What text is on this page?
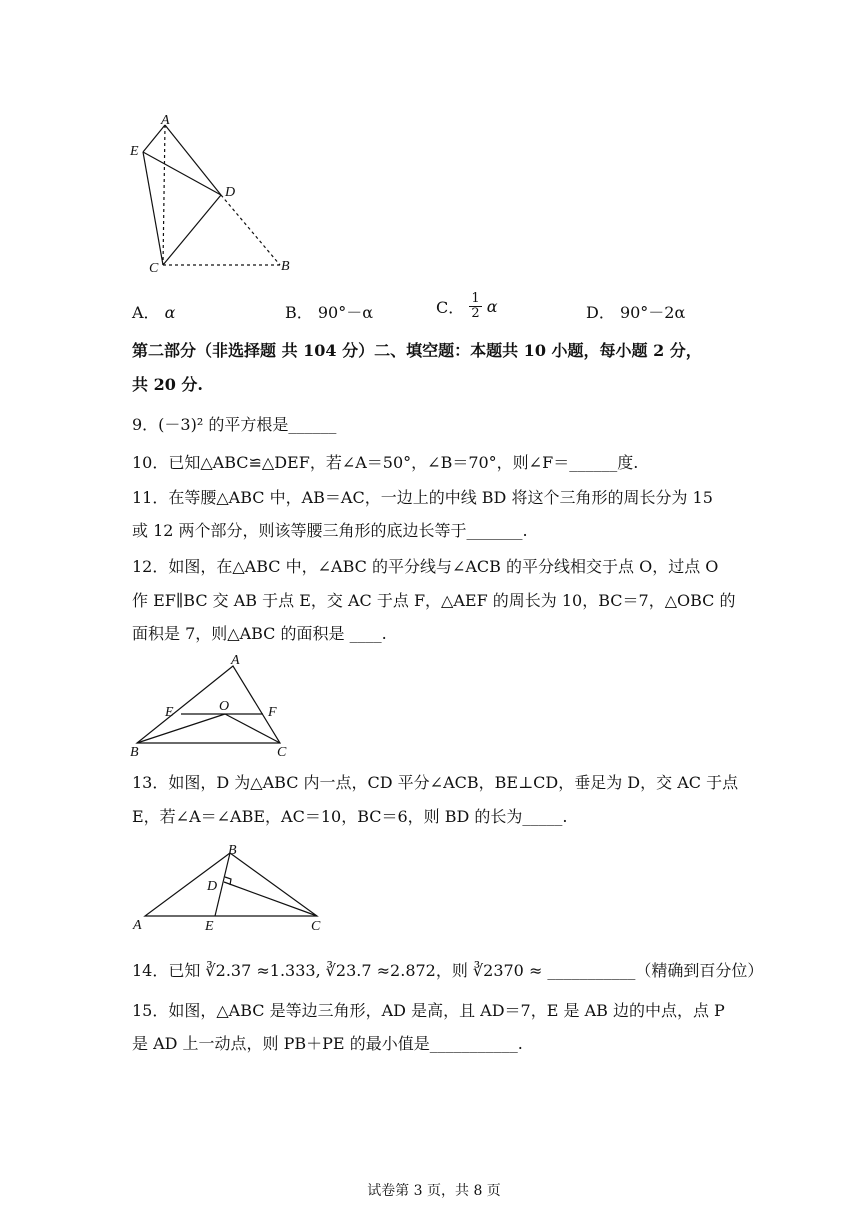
A
E
D
C	B
A． α	B． 90°－α	C． $\frac{1}{2}$ α	D． 90°－2α
第二部分（非选择题 共 104 分）二、填空题：本题共 10 小题，每小题 2 分，
共 20 分.
9．(－3)² 的平方根是______
10．已知△ABC≌△DEF，若∠A＝50°，∠B＝70°，则∠F＝______度.
11．在等腰△ABC 中，AB＝AC，一边上的中线 BD 将这个三角形的周长分为 15
或 12 两个部分，则该等腰三角形的底边长等于_______.
12．如图，在△ABC 中，∠ABC 的平分线与∠ACB 的平分线相交于点 O，过点 O
作 EF∥BC 交 AB 于点 E，交 AC 于点 F，△AEF 的周长为 10，BC＝7，△OBC 的
面积是 7，则△ABC 的面积是 ____.
A
E	O	F
B	C
13．如图，D 为△ABC 内一点，CD 平分∠ACB，BE⊥CD，垂足为 D，交 AC 于点
E，若∠A＝∠ABE，AC＝10，BC＝6，则 BD 的长为_____.
B
D
A	E	C
14．已知 ∛2.37 ≈1.333, ∛23.7 ≈2.872，则 ∛2370 ≈ ___________（精确到百分位）
15．如图，△ABC 是等边三角形，AD 是高，且 AD＝7，E 是 AB 边的中点，点 P
是 AD 上一动点，则 PB＋PE 的最小值是___________.
试卷第 3 页，共 8 页
